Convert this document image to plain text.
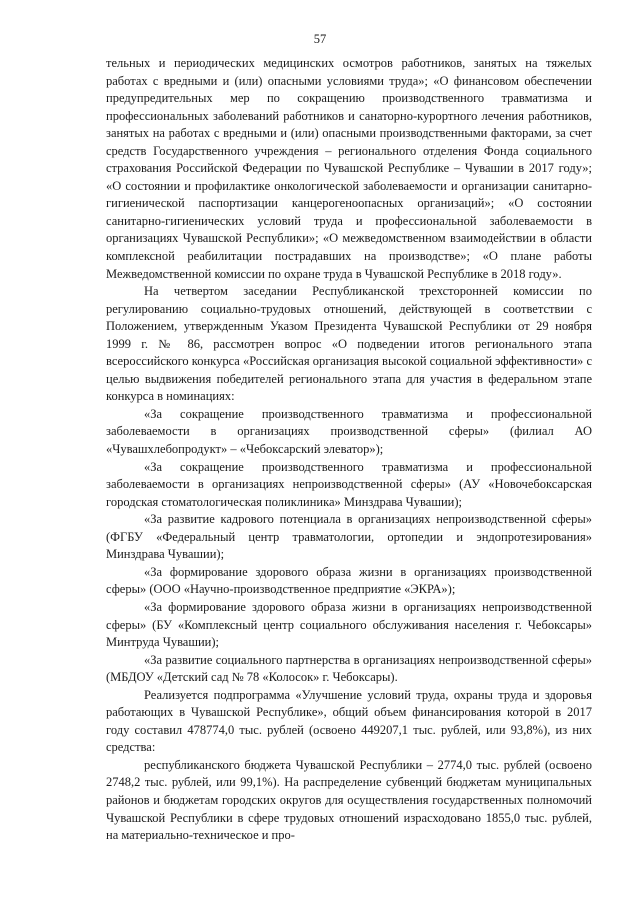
57

тельных и периодических медицинских осмотров работников, занятых на тяжелых работах с вредными и (или) опасными условиями труда»; «О финансовом обеспечении предупредительных мер по сокращению производственного травматизма и профессиональных заболеваний работников и санаторно-курортного лечения работников, занятых на работах с вредными и (или) опасными производственными факторами, за счет средств Государственного учреждения – регионального отделения Фонда социального страхования Российской Федерации по Чувашской Республике – Чувашии в 2017 году»; «О состоянии и профилактике онкологической заболеваемости и организации санитарно-гигиенической паспортизации канцерогеноопасных организаций»; «О состоянии санитарно-гигиенических условий труда и профессиональной заболеваемости в организациях Чувашской Республики»; «О межведомственном взаимодействии в области комплексной реабилитации пострадавших на производстве»; «О плане работы Межведомственной комиссии по охране труда в Чувашской Республике в 2018 году».

На четвертом заседании Республиканской трехсторонней комиссии по регулированию социально-трудовых отношений, действующей в соответствии с Положением, утвержденным Указом Президента Чувашской Республики от 29 ноября 1999 г. № 86, рассмотрен вопрос «О подведении итогов регионального этапа всероссийского конкурса «Российская организация высокой социальной эффективности» с целью выдвижения победителей регионального этапа для участия в федеральном этапе конкурса в номинациях:

«За сокращение производственного травматизма и профессиональной заболеваемости в организациях производственной сферы» (филиал АО «Чувашхлебопродукт» – «Чебоксарский элеватор»);

«За сокращение производственного травматизма и профессиональной заболеваемости в организациях непроизводственной сферы» (АУ «Новочебоксарская городская стоматологическая поликлиника» Минздрава Чувашии);

«За развитие кадрового потенциала в организациях непроизводственной сферы» (ФГБУ «Федеральный центр травматологии, ортопедии и эндопротезирования» Минздрава Чувашии);

«За формирование здорового образа жизни в организациях производственной сферы» (ООО «Научно-производственное предприятие «ЭКРА»);

«За формирование здорового образа жизни в организациях непроизводственной сферы» (БУ «Комплексный центр социального обслуживания населения г. Чебоксары» Минтруда Чувашии);

«За развитие социального партнерства в организациях непроизводственной сферы» (МБДОУ «Детский сад № 78 «Колосок» г. Чебоксары).

Реализуется подпрограмма «Улучшение условий труда, охраны труда и здоровья работающих в Чувашской Республике», общий объем финансирования которой в 2017 году составил 478774,0 тыс. рублей (освоено 449207,1 тыс. рублей, или 93,8%), из них средства:

республиканского бюджета Чувашской Республики – 2774,0 тыс. рублей (освоено 2748,2 тыс. рублей, или 99,1%). На распределение субвенций бюджетам муниципальных районов и бюджетам городских округов для осуществления государственных полномочий Чувашской Республики в сфере трудовых отношений израсходовано 1855,0 тыс. рублей, на материально-техническое и про-
